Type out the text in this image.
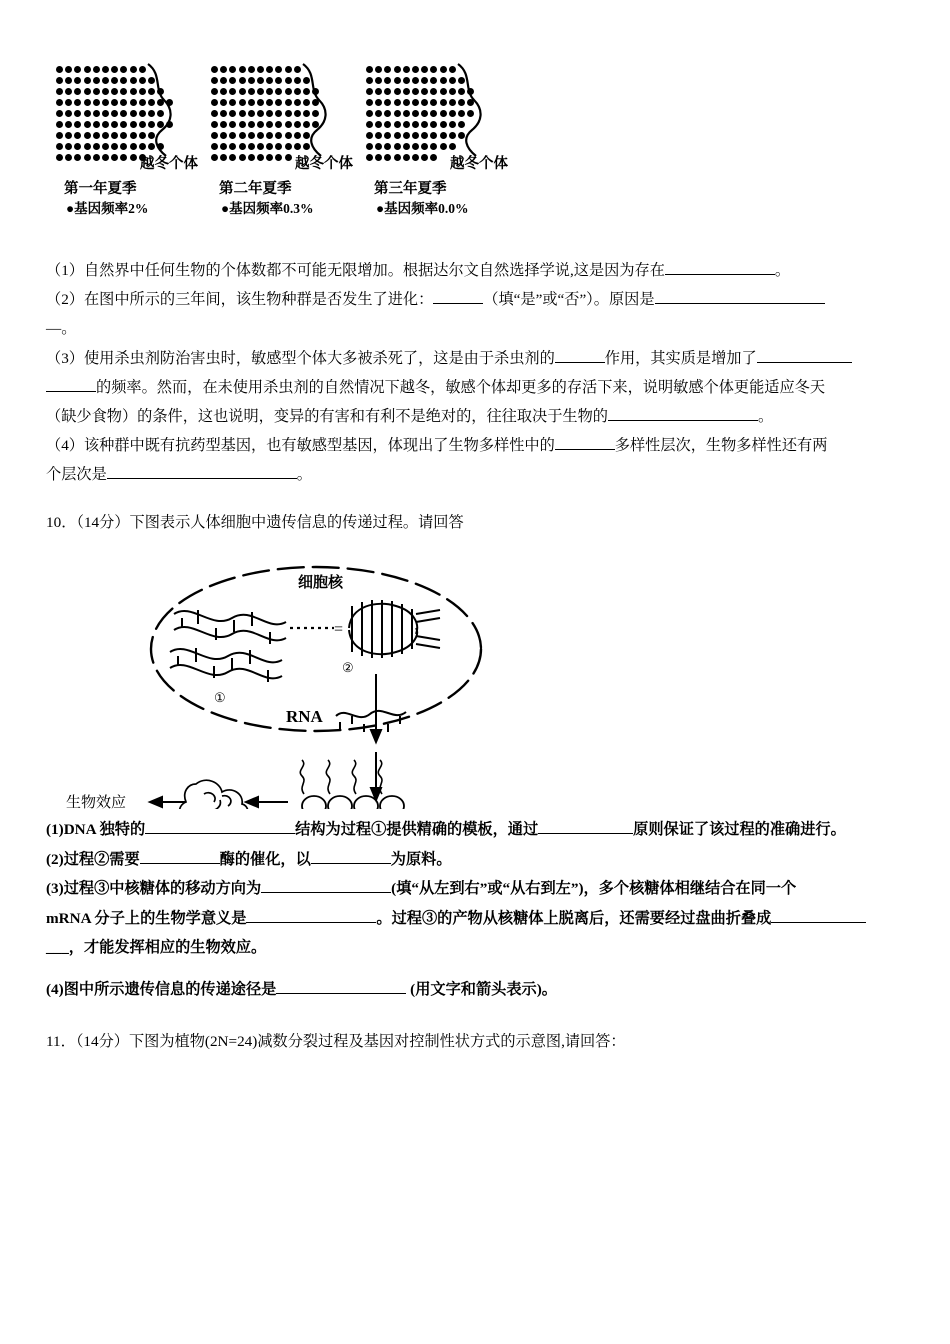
越冬个体
第一年夏季
●基因频率2%
越冬个体
第二年夏季
●基因频率0.3%
越冬个体
第三年夏季
●基因频率0.0%

（1）自然界中任何生物的个体数都不可能无限增加。根据达尔文自然选择学说,这是因为存在	。

（2）在图中所示的三年间，该生物种群是否发生了进化：	（填“是”或“否”）。原因是

—。

（3）使用杀虫剂防治害虫时，敏感型个体大多被杀死了，这是由于杀虫剂的	作用，其实质是增加了

的频率。然而，在未使用杀虫剂的自然情况下越冬，敏感个体却更多的存活下来，说明敏感个体更能适应冬天

（缺少食物）的条件，这也说明，变异的有害和有利不是绝对的，往往取决于生物的	。

（4）该种群中既有抗药型基因，也有敏感型基因，体现出了生物多样性中的	多样性层次，生物多样性还有两

个层次是	。

10．（14分）下图表示人体细胞中遗传信息的传递过程。请回答

细胞核
=
②
①
RNA
生物效应

(1)DNA 独特的	结构为过程①提供精确的模板，通过	原则保证了该过程的准确进行。

(2)过程②需要	酶的催化，以	为原料。

(3)过程③中核糖体的移动方向为	(填“从左到右”或“从右到左”)，多个核糖体相继结合在同一个

mRNA 分子上的生物学意义是	。过程③的产物从核糖体上脱离后，还需要经过盘曲折叠成

___，才能发挥相应的生物效应。

(4)图中所示遗传信息的传递途径是	(用文字和箭头表示)。

11．（14分）下图为植物(2N=24)减数分裂过程及基因对控制性状方式的示意图,请回答：
